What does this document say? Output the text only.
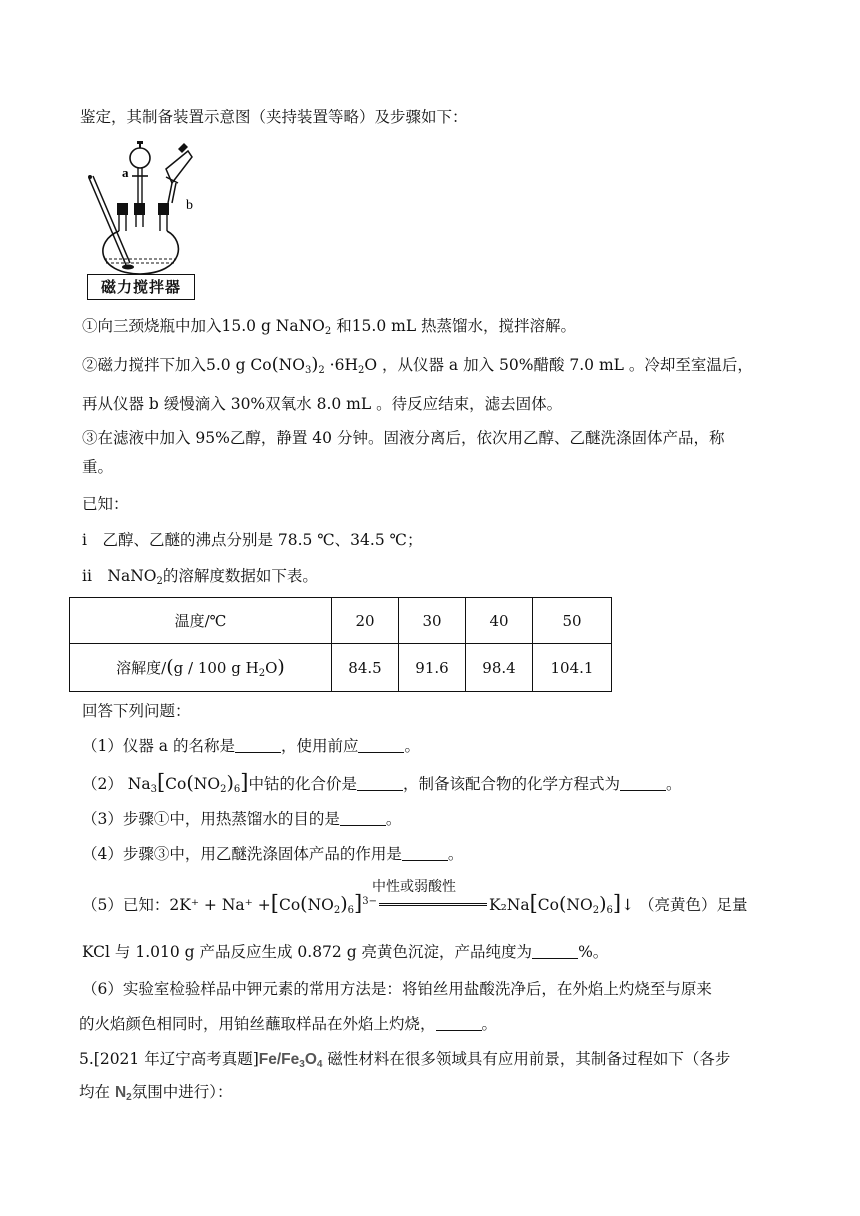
鉴定，其制备装置示意图（夹持装置等略）及步骤如下：
a
b
磁力搅拌器
①向三颈烧瓶中加入15.0 g NaNO$_2$ 和15.0 mL 热蒸馏水，搅拌溶解。
②磁力搅拌下加入5.0 g $Co(NO_3)_2 \cdot 6H_2O$ ，从仪器 a 加入 50%醋酸 7.0 mL 。冷却至室温后，
再从仪器 b 缓慢滴入 30%双氧水 8.0 mL 。待反应结束，滤去固体。
③在滤液中加入 95%乙醇，静置 40 分钟。固液分离后，依次用乙醇、乙醚洗涤固体产品，称
重。
已知：
i　乙醇、乙醚的沸点分别是 78.5 ℃、34.5 ℃；
ii　NaNO$_2$的溶解度数据如下表。
温度/℃	20	30	40	50
溶解度/(g / 100 g $H_2O$)	84.5	91.6	98.4	104.1
回答下列问题：
（1）仪器 a 的名称是	，使用前应	。
（2） $Na_3[Co(NO_2)_6]$中钴的化合价是	，制备该配合物的化学方程式为	。
（3）步骤①中，用热蒸馏水的目的是	。
（4）步骤③中，用乙醚洗涤固体产品的作用是	。
（5）已知：$2K^+ + Na^+ +[Co(NO_2)_6]^{3-}$	$K_2Na[Co(NO_2)_6]↓$ （亮黄色）足量
中性或弱酸性
KCl 与 1.010 g 产品反应生成 0.872 g 亮黄色沉淀，产品纯度为	%。
（6）实验室检验样品中钾元素的常用方法是：将铂丝用盐酸洗净后，在外焰上灼烧至与原来
的火焰颜色相同时，用铂丝蘸取样品在外焰上灼烧，	。
5.[2021 年辽宁高考真题]$Fe/Fe_3O_4$ 磁性材料在很多领域具有应用前景，其制备过程如下（各步
均在 $N_2$氛围中进行）：
